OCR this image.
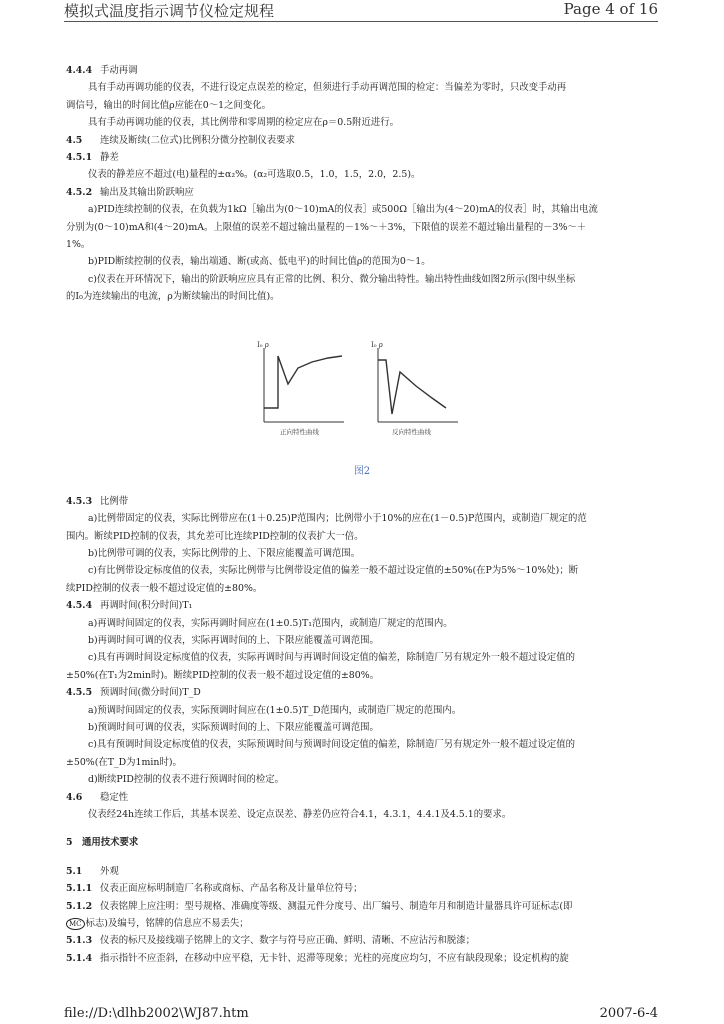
模拟式温度指示调节仪检定规程	Page 4 of 16
4.4.4 手动再调
具有手动再调功能的仪表，不进行设定点误差的检定，但须进行手动再调范围的检定：当偏差为零时，只改变手动再
调信号，输出的时间比值ρ应能在0～1之间变化。
具有手动再调功能的仪表，其比例带和零周期的检定应在ρ＝0.5附近进行。
4.5 连续及断续(二位式)比例积分微分控制仪表要求
4.5.1 静差
仪表的静差应不超过(电)量程的±α₂%。(α₂可选取0.5，1.0，1.5，2.0，2.5)。
4.5.2 输出及其输出阶跃响应
a)PID连续控制的仪表，在负载为1kΩ［输出为(0～10)mA的仪表］或500Ω［输出为(4～20)mA的仪表］时，其输出电流
分别为(0～10)mA和(4～20)mA。上限值的误差不超过输出量程的－1%～＋3%，下限值的误差不超过输出量程的－3%～＋
1%。
b)PID断续控制的仪表，输出端通、断(或高、低电平)的时间比值ρ的范围为0～1。
c)仪表在开环情况下，输出的阶跃响应应具有正常的比例、积分、微分输出特性。输出特性曲线如图2所示(图中纵坐标
的I₀为连续输出的电流，ρ为断续输出的时间比值)。
4.5.3 比例带
a)比例带固定的仪表，实际比例带应在(1＋0.25)P范围内；比例带小于10%的应在(1－0.5)P范围内，或制造厂规定的范
围内。断续PID控制的仪表，其允差可比连续PID控制的仪表扩大一倍。
b)比例带可调的仪表，实际比例带的上、下限应能覆盖可调范围。
c)有比例带设定标度值的仪表，实际比例带与比例带设定值的偏差一般不超过设定值的±50%(在P为5%～10%处)；断
续PID控制的仪表一般不超过设定值的±80%。
4.5.4 再调时间(积分时间)T₁
a)再调时间固定的仪表，实际再调时间应在(1±0.5)T₁范围内，或制造厂规定的范围内。
b)再调时间可调的仪表，实际再调时间的上、下限应能覆盖可调范围。
c)具有再调时间设定标度值的仪表，实际再调时间与再调时间设定值的偏差，除制造厂另有规定外一般不超过设定值的
±50%(在T₁为2min时)。断续PID控制的仪表一般不超过设定值的±80%。
4.5.5 预调时间(微分时间)T_D
a)预调时间固定的仪表，实际预调时间应在(1±0.5)T_D范围内，或制造厂规定的范围内。
b)预调时间可调的仪表，实际预调时间的上、下限应能覆盖可调范围。
c)具有预调时间设定标度值的仪表，实际预调时间与预调时间设定值的偏差，除制造厂另有规定外一般不超过设定值的
±50%(在T_D为1min时)。
d)断续PID控制的仪表不进行预调时间的检定。
4.6 稳定性
仪表经24h连续工作后，其基本误差、设定点误差、静差仍应符合4.1，4.3.1，4.4.1及4.5.1的要求。
5 通用技术要求
5.1 外观
5.1.1 仪表正面应标明制造厂名称或商标、产品名称及计量单位符号；
5.1.2 仪表铭牌上应注明：型号规格、准确度等级、测温元件分度号、出厂编号、制造年月和制造计量器具许可证标志(即
MC 标志)及编号，铭牌的信息应不易丢失；
5.1.3 仪表的标尺及接线端子铭牌上的文字、数字与符号应正确、鲜明、清晰、不应沾污和脱漆；
5.1.4 指示指针不应歪斜，在移动中应平稳，无卡针、迟滞等现象；光柱的亮度应均匀，不应有缺段现象；设定机构的旋
I₀ ρ
正向特性曲线
I₀ ρ
反向特性曲线
图2
file://D:\dlhb2002\WJ87.htm	2007-6-4
